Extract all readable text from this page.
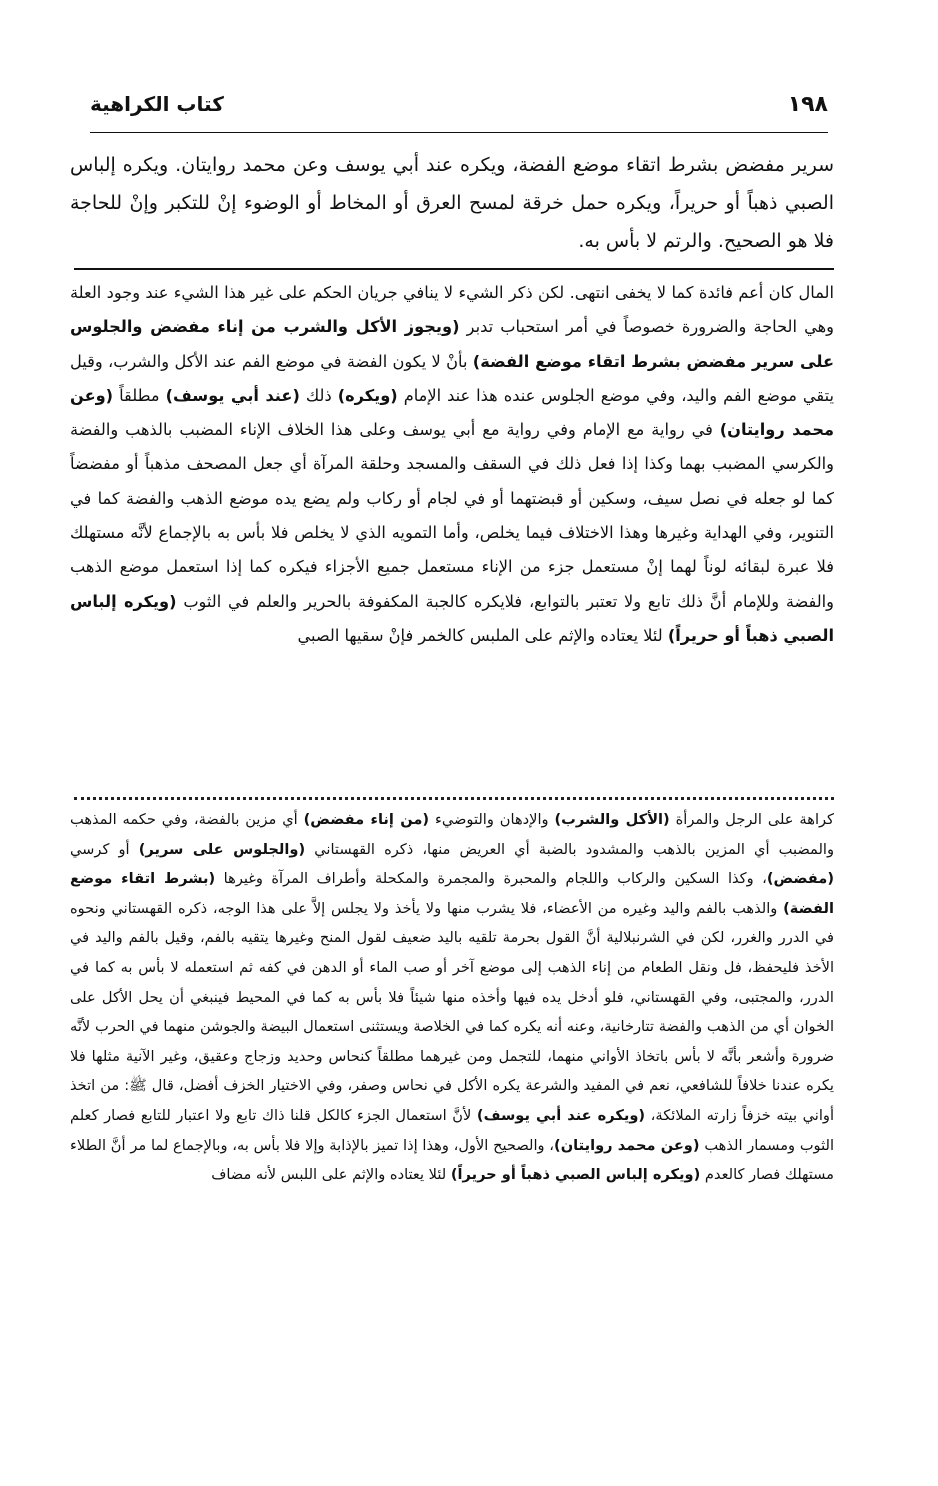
١٩٨
كتاب الكراهية

سرير مفضض بشرط اتقاء موضع الفضة، ويكره عند أبي يوسف وعن محمد روايتان. ويكره إلباس الصبي ذهباً أو حريراً، ويكره حمل خرقة لمسح العرق أو المخاط أو الوضوء إنْ للتكبر وإنْ للحاجة فلا هو الصحيح. والرتم لا بأس به.

المال كان أعم فائدة كما لا يخفى انتهى. لكن ذكر الشيء لا ينافي جريان الحكم على غير هذا الشيء عند وجود العلة وهي الحاجة والضرورة خصوصاً في أمر استحباب تدبر (ويجوز الأكل والشرب من إناء مفضض والجلوس على سرير مفضض بشرط اتقاء موضع الفضة) بأنْ لا يكون الفضة في موضع الفم عند الأكل والشرب، وقيل يتقي موضع الفم واليد، وفي موضع الجلوس عنده هذا عند الإمام (ويكره) ذلك (عند أبي يوسف) مطلقاً (وعن محمد روايتان) في رواية مع الإمام وفي رواية مع أبي يوسف وعلى هذا الخلاف الإناء المضبب بالذهب والفضة والكرسي المضبب بهما وكذا إذا فعل ذلك في السقف والمسجد وحلقة المرآة أي جعل المصحف مذهباً أو مفضضاً كما لو جعله في نصل سيف، وسكين أو قبضتهما أو في لجام أو ركاب ولم يضع يده موضع الذهب والفضة كما في التنوير، وفي الهداية وغيرها وهذا الاختلاف فيما يخلص، وأما التمويه الذي لا يخلص فلا بأس به بالإجماع لأنَّه مستهلك فلا عبرة لبقائه لوناً لهما إنْ مستعمل جزء من الإناء مستعمل جميع الأجزاء فيكره كما إذا استعمل موضع الذهب والفضة وللإمام أنَّ ذلك تابع ولا تعتبر بالتوابع، فلايكره كالجبة المكفوفة بالحرير والعلم في الثوب (ويكره إلباس الصبي ذهباً أو حريراً) لئلا يعتاده والإثم على الملبس كالخمر فإنْ سقيها الصبي

كراهة على الرجل والمرأة (الأكل والشرب) والإدهان والتوضيء (من إناء مفضض) أي مزين بالفضة، وفي حكمه المذهب والمضبب أي المزين بالذهب والمشدود بالضبة أي العريض منها، ذكره القهستاني (والجلوس على سرير) أو كرسي (مفضض)، وكذا السكين والركاب واللجام والمحبرة والمجمرة والمكحلة وأطراف المرآة وغيرها (بشرط اتقاء موضع الفضة) والذهب بالفم واليد وغيره من الأعضاء، فلا يشرب منها ولا يأخذ ولا يجلس إلاَّ على هذا الوجه، ذكره القهستاني ونحوه في الدرر والغرر، لكن في الشرنبلالية أنَّ القول بحرمة تلقيه باليد ضعيف لقول المنح وغيرها يتقيه بالفم، وقيل بالفم واليد في الأخذ فليحفظ، فل ونقل الطعام من إناء الذهب إلى موضع آخر أو صب الماء أو الدهن في كفه ثم استعمله لا بأس به كما في الدرر، والمجتبى، وفي القهستاني، فلو أدخل يده فيها وأخذه منها شيئاً فلا بأس به كما في المحيط فينبغي أن يحل الأكل على الخوان أي من الذهب والفضة تتارخانية، وعنه أنه يكره كما في الخلاصة ويستثنى استعمال البيضة والجوشن منهما في الحرب لأنَّه ضرورة وأشعر بأنَّه لا بأس باتخاذ الأواني منهما، للتجمل ومن غيرهما مطلقاً كنحاس وحديد وزجاج وعقيق، وغير الآنية مثلها فلا يكره عندنا خلافاً للشافعي، نعم في المفيد والشرعة يكره الأكل في نحاس وصفر، وفي الاختيار الخزف أفضل، قال ﷺ: من اتخذ أواني بيته خزفاً زارته الملائكة، (ويكره عند أبي يوسف) لأنَّ استعمال الجزء كالكل قلنا ذاك تابع ولا اعتبار للتابع فصار كعلم الثوب ومسمار الذهب (وعن محمد روايتان)، والصحيح الأول، وهذا إذا تميز بالإذابة وإلا فلا بأس به، وبالإجماع لما مر أنَّ الطلاء مستهلك فصار كالعدم (ويكره إلباس الصبي ذهباً أو حريراً) لئلا يعتاده والإثم على اللبس لأنه مضاف
